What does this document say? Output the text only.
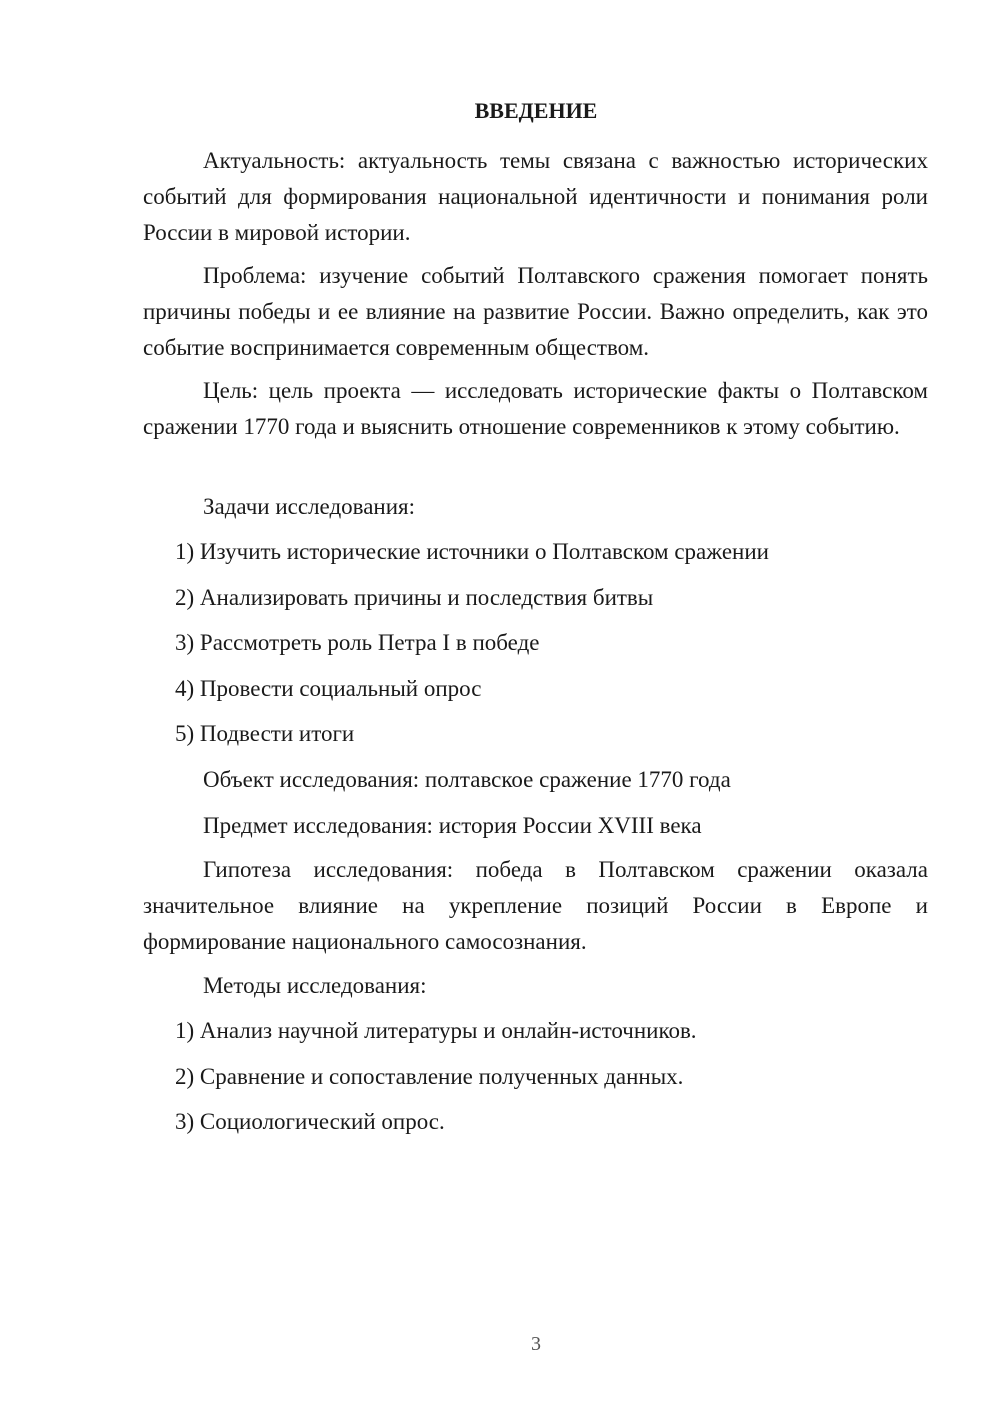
ВВЕДЕНИЕ

Актуальность: актуальность темы связана с важностью исторических событий для формирования национальной идентичности и понимания роли России в мировой истории.

Проблема: изучение событий Полтавского сражения помогает понять причины победы и ее влияние на развитие России. Важно определить, как это событие воспринимается современным обществом.

Цель: цель проекта — исследовать исторические факты о Полтавском сражении 1770 года и выяснить отношение современников к этому событию.

Задачи исследования:

1) Изучить исторические источники о Полтавском сражении

2) Анализировать причины и последствия битвы

3) Рассмотреть роль Петра I в победе

4) Провести социальный опрос

5) Подвести итоги

Объект исследования: полтавское сражение 1770 года

Предмет исследования: история России XVIII века

Гипотеза исследования: победа в Полтавском сражении оказала значительное влияние на укрепление позиций России в Европе и формирование национального самосознания.

Методы исследования:

1) Анализ научной литературы и онлайн-источников.

2) Сравнение и сопоставление полученных данных.

3) Социологический опрос.

3
